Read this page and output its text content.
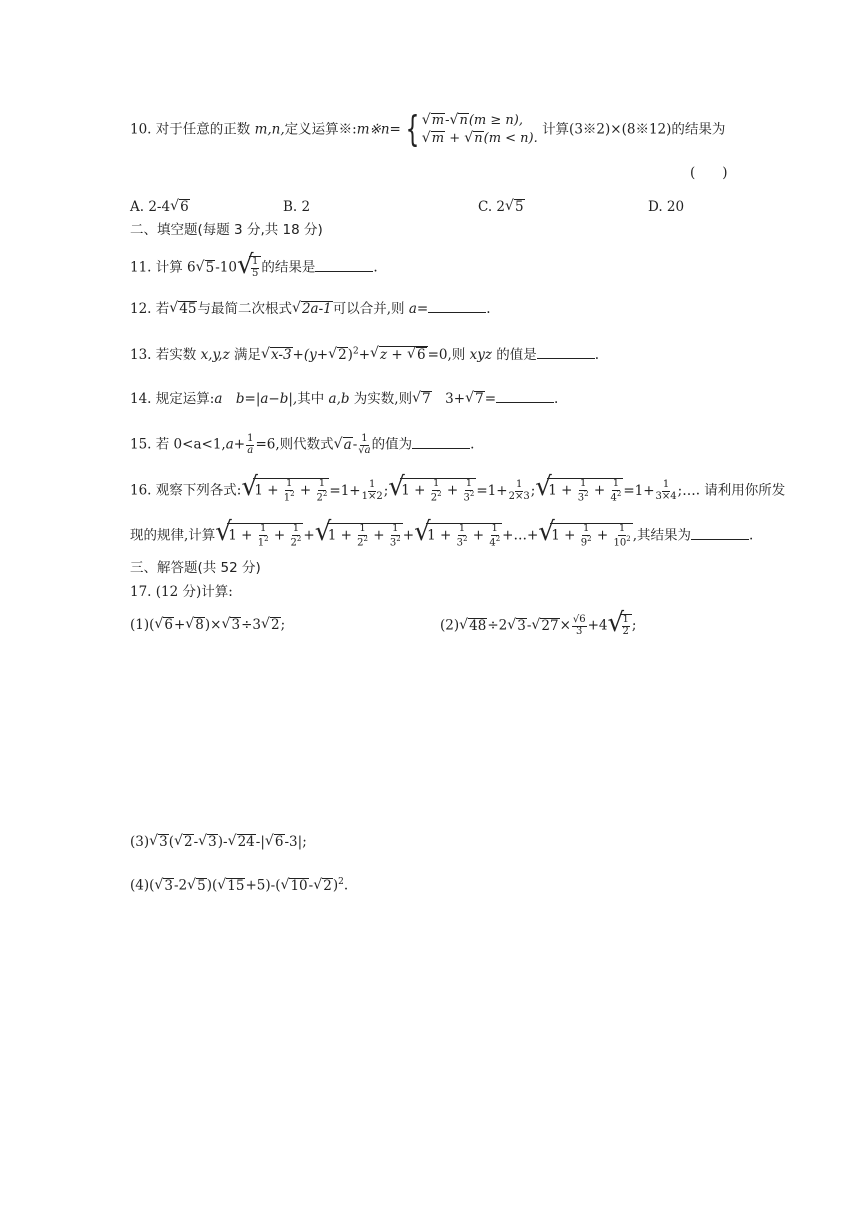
10. 对于任意的正数 m,n,定义运算※:m※n= { √ m- √ n(m ≥ n),
√ m + √ n(m < n).
计算(3※2)×(8※12)的结果为
(　　)
A. 2-4 √ 6	B. 2	C. 2 √ 5	D. 20
二、填空题(每题 3 分,共 18 分)
11. 计算 6 √ 5-10 √ $\frac{1}{5}$ 的结果是	.
12. 若 √ 45与最简二次根式 √ 2a-1可以合并,则 a=	.
13. 若实数 x,y,z 满足 √ x-3+(y+ √ 2)$^2$+ √ z + √ 6 =0,则 xyz 的值是	.
14. 规定运算:a　b=|a−b|,其中 a,b 为实数,则 √ 7　3+ √ 7=	.
15. 若 $0<a<1,a+ \frac{1}{a} =6$,则代数式 √ $a- \frac{1}{√a}$ 的值为	.
16. 观察下列各式: √ $1 + \frac{1}{1^2} + \frac{1}{2^2} =1+ \frac{1}{1\times 2}$ ; √ $1 + \frac{1}{2^2} + \frac{1}{3^2} =1+ \frac{1}{2\times 3}$ ; √ $1 + \frac{1}{3^2} + \frac{1}{4^2} =1+ \frac{1}{3\times 4}$ ;…. 请利用你所发
现的规律,计算 √ $1 + \frac{1}{1^2} + \frac{1}{2^2}$ + √ $1 + \frac{1}{2^2} + \frac{1}{3^2}$ + √ $1 + \frac{1}{3^2} + \frac{1}{4^2}$ +…+ √ $1 + \frac{1}{9^2} + \frac{1}{10^2}$ ,其结果为	.
三、解答题(共 52 分)
17. (12 分)计算:
(1)( √ 6+ √ 8)× √ 3÷3 √ 2;	(2) √ 48÷2 √ 3- √ $27\times \frac{√6}{3} +4$ √ $\frac{1}{2}$ ;
(3) √ 3( √ 2- √ 3)- √ 24-| √ 6-3|;
(4)( √ 3-2 √ 5)( √ 15+5)-( √ 10- √ 2)$^2$.
